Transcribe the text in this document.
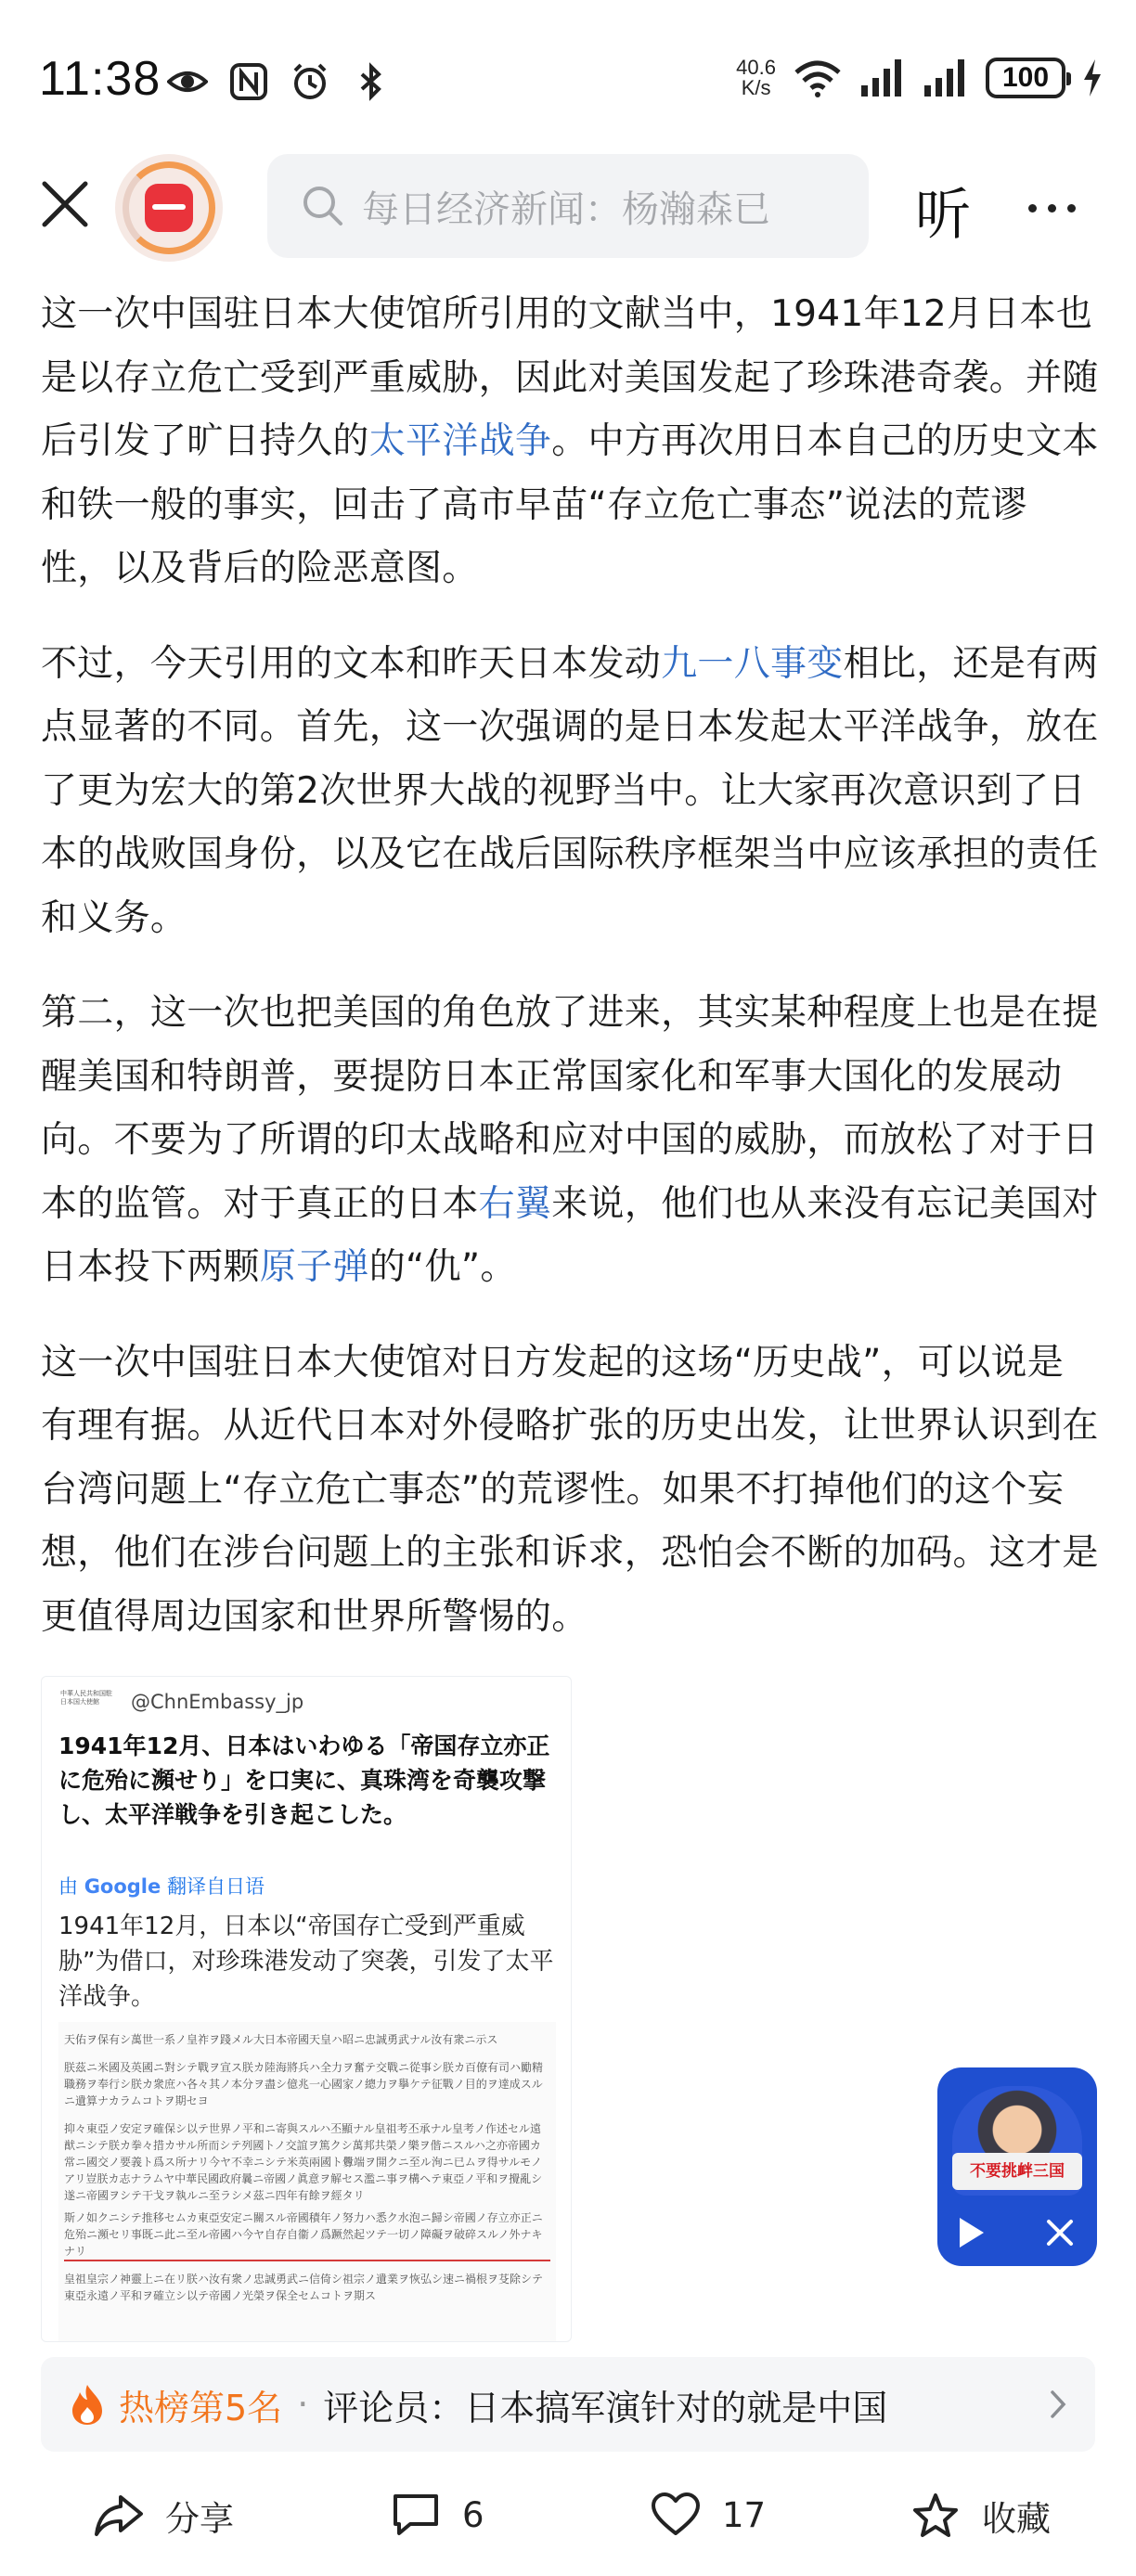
11:38	40.6
K/s	100
每日经济新闻：杨瀚森已	听

这一次中国驻日本大使馆所引用的文献当中，1941年12月日本也是以存立危亡受到严重威胁，因此对美国发起了珍珠港奇袭。并随后引发了旷日持久的太平洋战争。中方再次用日本自己的历史文本和铁一般的事实，回击了高市早苗“存立危亡事态”说法的荒谬性，以及背后的险恶意图。

不过，今天引用的文本和昨天日本发动九一八事变相比，还是有两点显著的不同。首先，这一次强调的是日本发起太平洋战争，放在了更为宏大的第2次世界大战的视野当中。让大家再次意识到了日本的战败国身份，以及它在战后国际秩序框架当中应该承担的责任和义务。

第二，这一次也把美国的角色放了进来，其实某种程度上也是在提醒美国和特朗普，要提防日本正常国家化和军事大国化的发展动向。不要为了所谓的印太战略和应对中国的威胁，而放松了对于日本的监管。对于真正的日本右翼来说，他们也从来没有忘记美国对日本投下两颗原子弹的“仇”。

这一次中国驻日本大使馆对日方发起的这场“历史战”，可以说是有理有据。从近代日本对外侵略扩张的历史出发，让世界认识到在台湾问题上“存立危亡事态”的荒谬性。如果不打掉他们的这个妄想，他们在涉台问题上的主张和诉求，恐怕会不断的加码。这才是更值得周边国家和世界所警惕的。

中華人民共和国駐日本国大使館	@ChnEmbassy_jp
1941年12月、日本はいわゆる「帝国存立亦正に危殆に瀕せり」を口実に、真珠湾を奇襲攻撃し、太平洋戦争を引き起こした。
由 Google 翻译自日语
1941年12月，日本以“帝国存亡受到严重威胁”为借口，对珍珠港发动了突袭，引发了太平洋战争。
天佑ヲ保有シ萬世一系ノ皇祚ヲ踐メル大日本帝國天皇ハ昭ニ忠誠勇武ナル汝有衆ニ示ス
朕茲ニ米國及英國ニ對シテ戰ヲ宣ス朕カ陸海將兵ハ全力ヲ奮テ交戰ニ從事シ朕カ百僚有司ハ勵精職務ヲ奉行シ朕カ衆庶ハ各々其ノ本分ヲ盡シ億兆一心國家ノ總力ヲ擧ケテ征戰ノ目的ヲ達成スルニ遺算ナカラムコトヲ期セヨ
抑々東亞ノ安定ヲ確保シ以テ世界ノ平和ニ寄與スルハ丕顯ナル皇祖考丕承ナル皇考ノ作述セル遠猷ニシテ朕カ拳々措カサル所而シテ列國トノ交誼ヲ篤クシ萬邦共榮ノ樂ヲ偕ニスルハ之亦帝國カ常ニ國交ノ要義ト爲ス所ナリ今ヤ不幸ニシテ米英兩國ト釁端ヲ開クニ至ル洵ニ已ムヲ得サルモノアリ豈朕カ志ナラムヤ中華民國政府曩ニ帝國ノ眞意ヲ解セス濫ニ事ヲ構ヘテ東亞ノ平和ヲ攪亂シ遂ニ帝國ヲシテ干戈ヲ執ルニ至ラシメ茲ニ四年有餘ヲ經タリ
斯ノ如クニシテ推移セムカ東亞安定ニ關スル帝國積年ノ努力ハ悉ク水泡ニ歸シ帝國ノ存立亦正ニ危殆ニ瀕セリ事既ニ此ニ至ル帝國ハ今ヤ自存自衞ノ爲蹶然起ツテ一切ノ障礙ヲ破碎スルノ外ナキナリ
皇祖皇宗ノ神靈上ニ在リ朕ハ汝有衆ノ忠誠勇武ニ信倚シ祖宗ノ遺業ヲ恢弘シ速ニ禍根ヲ芟除シテ東亞永遠ノ平和ヲ確立シ以テ帝國ノ光榮ヲ保全セムコトヲ期ス
不要挑衅三国
热榜第5名 · 评论员：日本搞军演针对的就是中国
分享	6	17	收藏
